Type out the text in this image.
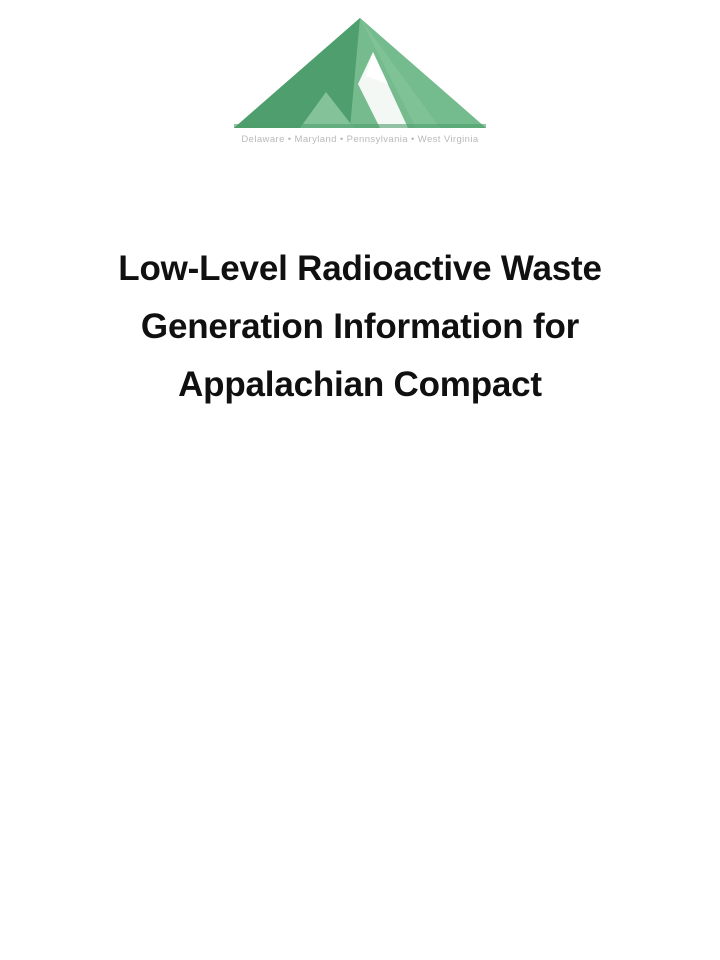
Delaware • Maryland • Pennsylvania • West Virginia
Low-Level Radioactive Waste
Generation Information for
Appalachian Compact
